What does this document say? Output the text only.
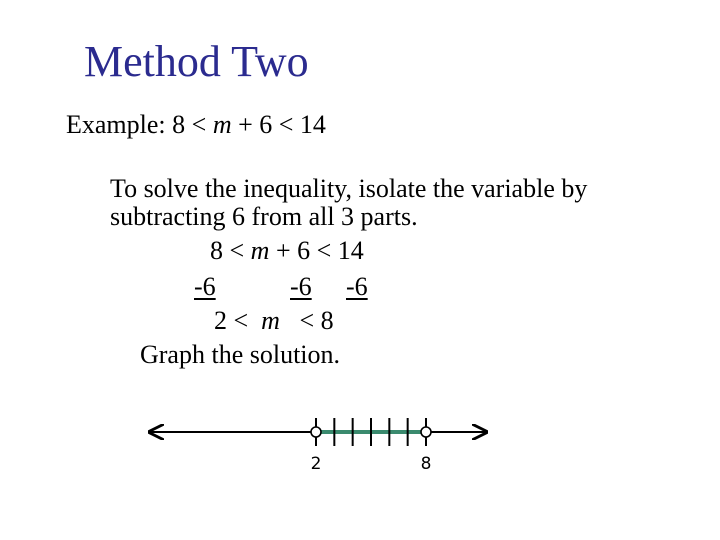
Method Two
Example: 8 < m + 6 < 14
To solve the inequality, isolate the variable by
subtracting 6 from all 3 parts.
8 < m + 6 < 14
-6	-6 -6
2 < m < 8
Graph the solution.
2	8
